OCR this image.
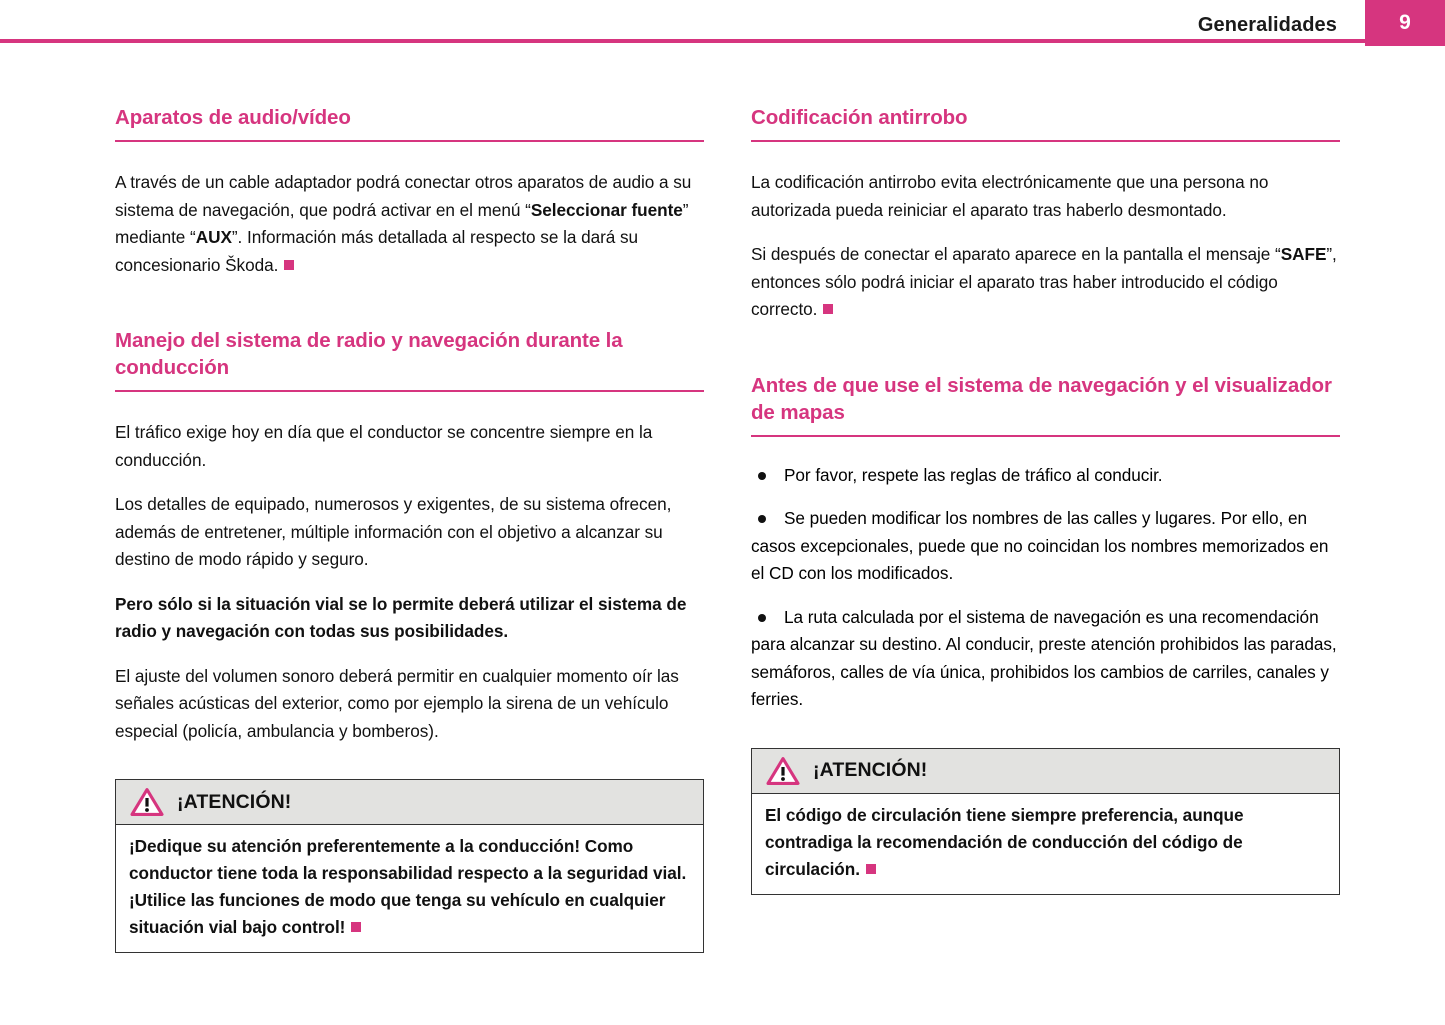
Generalidades	9
Aparatos de audio/vídeo

A través de un cable adaptador podrá conectar otros aparatos de audio a su sistema de navegación, que podrá activar en el menú “Seleccionar fuente” mediante “AUX”. Información más detallada al respecto se la dará su concesionario Škoda.

Manejo del sistema de radio y navegación durante la conducción

El tráfico exige hoy en día que el conductor se concentre siempre en la conducción.

Los detalles de equipado, numerosos y exigentes, de su sistema ofrecen, además de entretener, múltiple información con el objetivo a alcanzar su destino de modo rápido y seguro.

Pero sólo si la situación vial se lo permite deberá utilizar el sistema de radio y navegación con todas sus posibilidades.

El ajuste del volumen sonoro deberá permitir en cualquier momento oír las señales acústicas del exterior, como por ejemplo la sirena de un vehículo especial (policía, ambulancia y bomberos).

¡ATENCIÓN!

¡Dedique su atención preferentemente a la conducción! Como conductor tiene toda la responsabilidad respecto a la seguridad vial. ¡Utilice las funciones de modo que tenga su vehículo en cualquier situación vial bajo control!

Codificación antirrobo

La codificación antirrobo evita electrónicamente que una persona no autorizada pueda reiniciar el aparato tras haberlo desmontado.

Si después de conectar el aparato aparece en la pantalla el mensaje “SAFE”, entonces sólo podrá iniciar el aparato tras haber introducido el código correcto.

Antes de que use el sistema de navegación y el visualizador de mapas
Por favor, respete las reglas de tráfico al conducir.
Se pueden modificar los nombres de las calles y lugares. Por ello, en casos excepcionales, puede que no coincidan los nombres memorizados en el CD con los modificados.
La ruta calculada por el sistema de navegación es una recomendación para alcanzar su destino. Al conducir, preste atención prohibidos las paradas, semáforos, calles de vía única, prohibidos los cambios de carriles, canales y ferries.
¡ATENCIÓN!

El código de circulación tiene siempre preferencia, aunque contradiga la recomendación de conducción del código de circulación.
